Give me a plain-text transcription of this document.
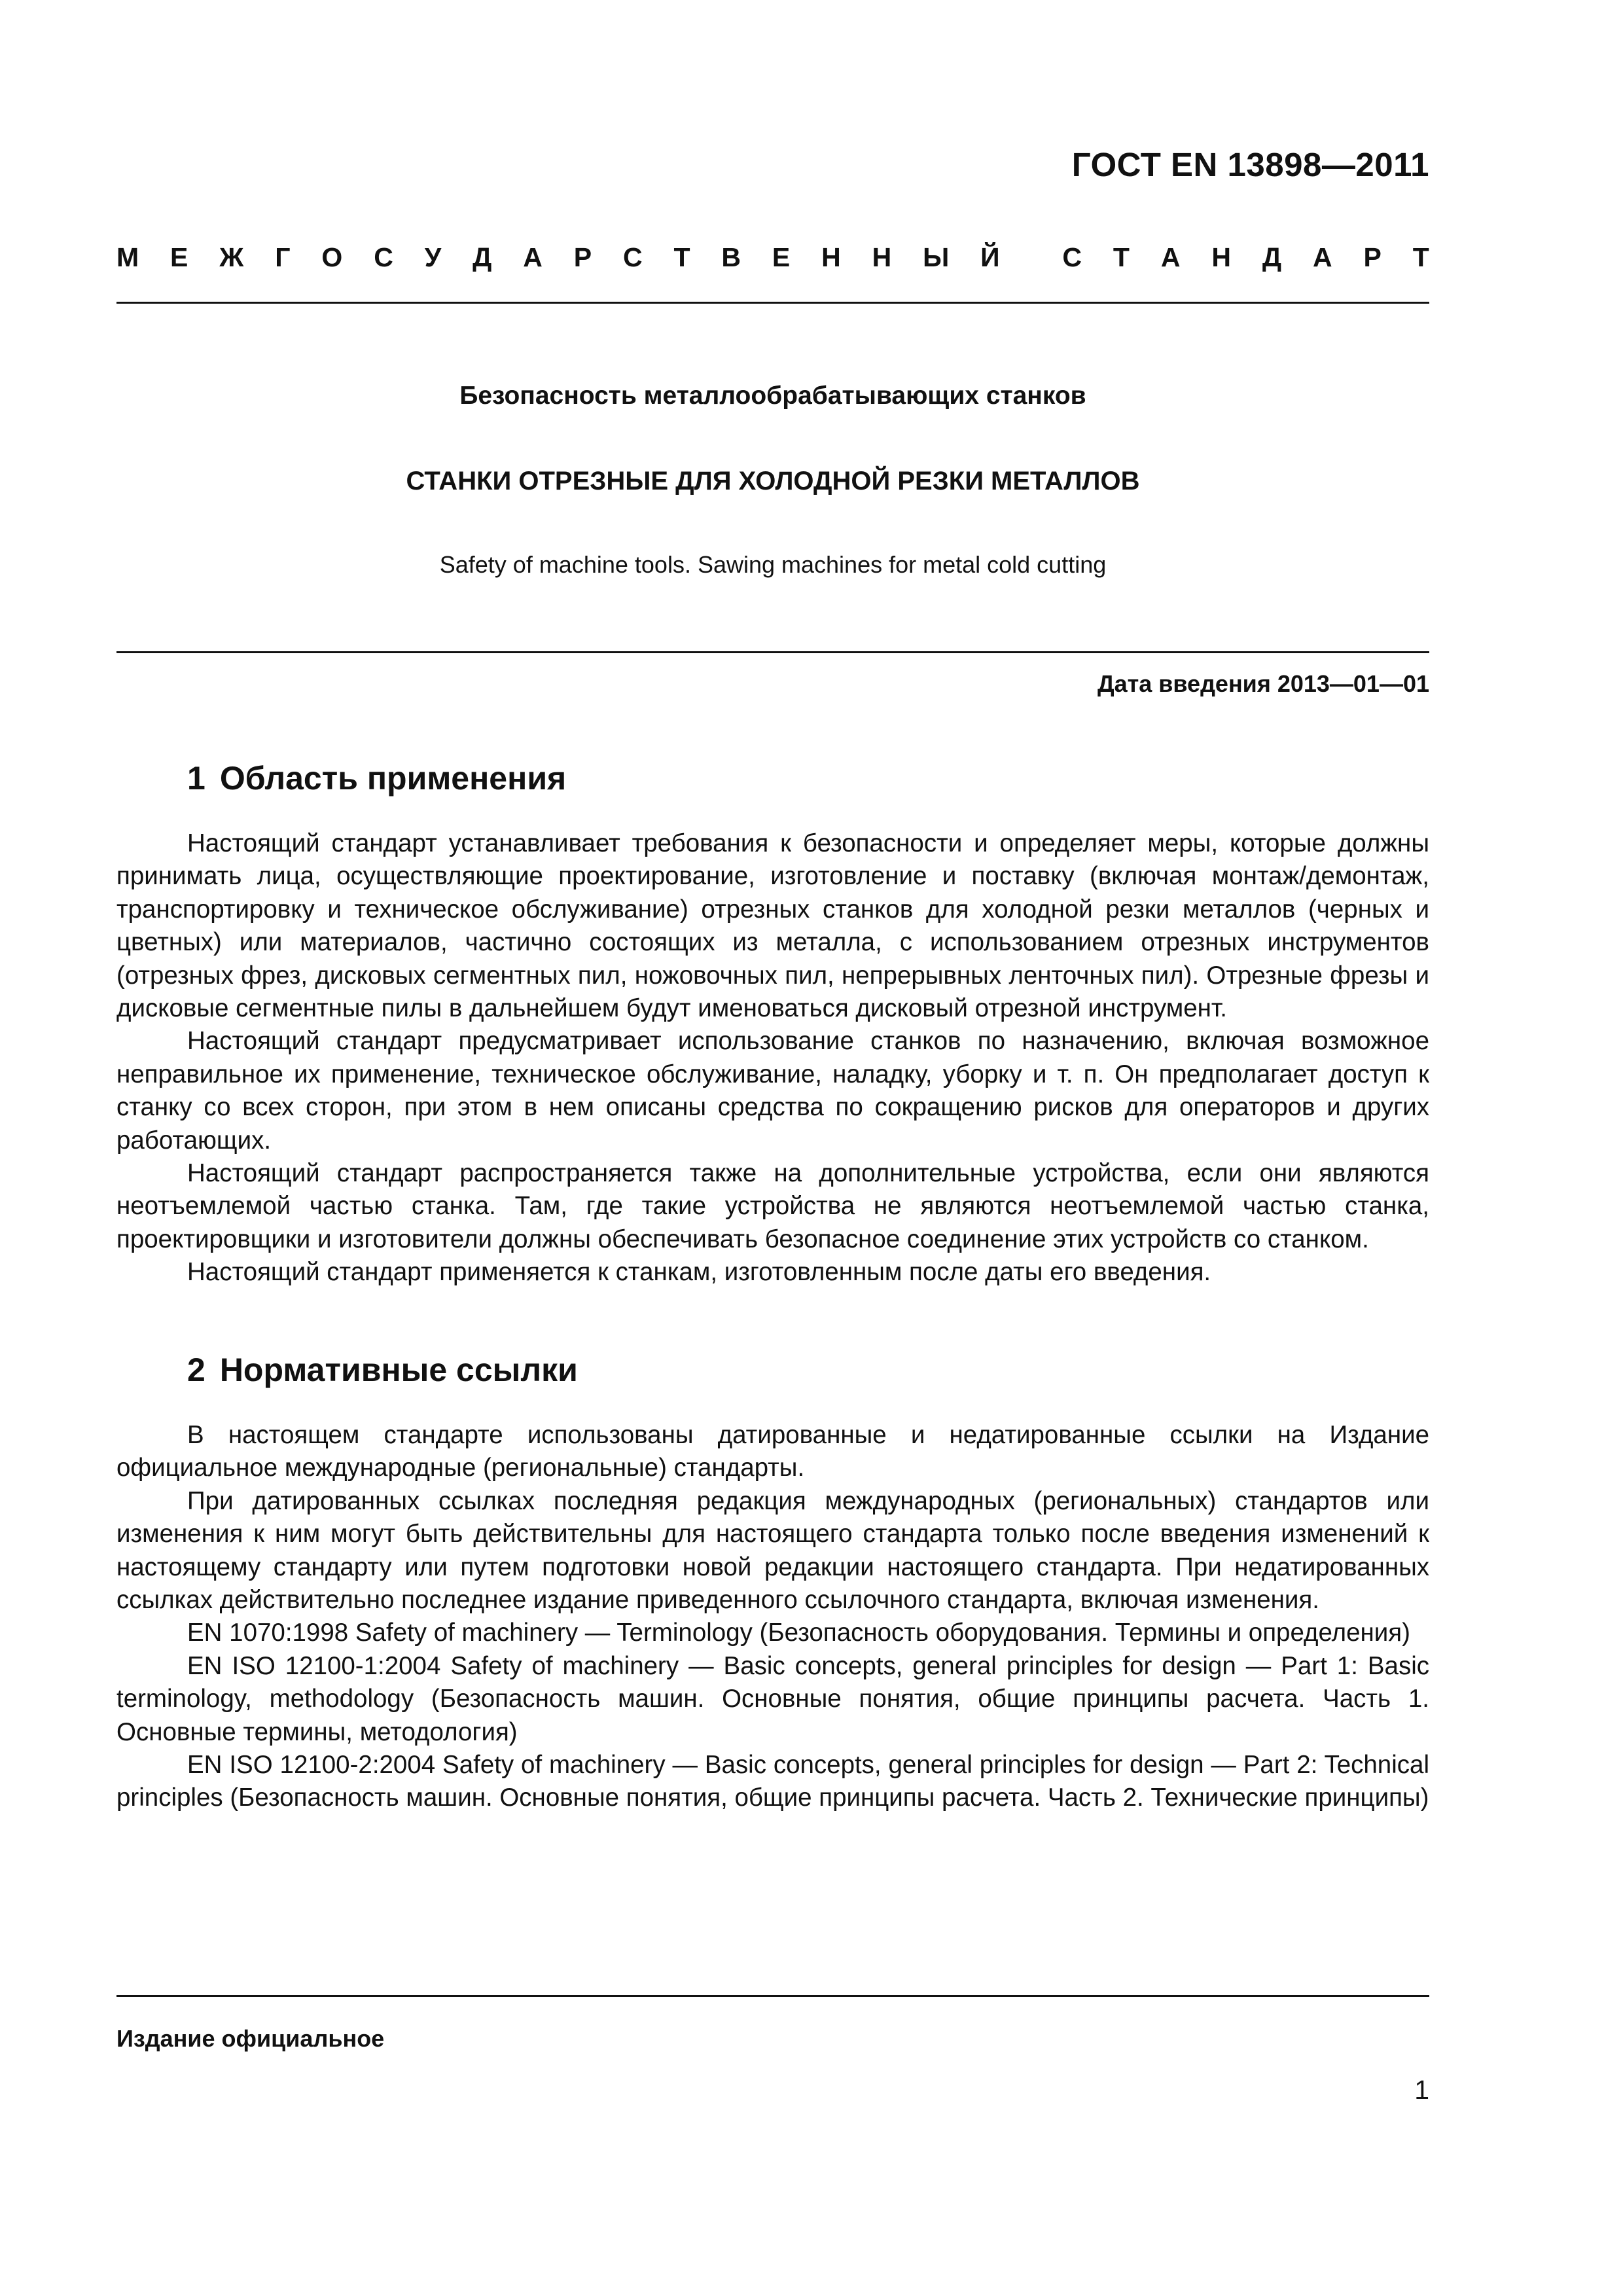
ГОСТ EN 13898—2011
М Е Ж Г О С У Д А Р С Т В Е Н Н Ы Й С Т А Н Д А Р Т
Безопасность металлообрабатывающих станков
СТАНКИ ОТРЕЗНЫЕ ДЛЯ ХОЛОДНОЙ РЕЗКИ МЕТАЛЛОВ
Safety of machine tools. Sawing machines for metal cold cutting
Дата введения 2013—01—01
1 Область применения

Настоящий стандарт устанавливает требования к безопасности и определяет меры, которые должны принимать лица, осуществляющие проектирование, изготовление и поставку (включая монтаж/демонтаж, транспортировку и техническое обслуживание) отрезных станков для холодной резки металлов (черных и цветных) или материалов, частично состоящих из металла, с использованием отрезных инструментов (отрезных фрез, дисковых сегментных пил, ножовочных пил, непрерывных ленточных пил). Отрезные фрезы и дисковые сегментные пилы в дальнейшем будут именоваться дисковый отрезной инструмент.

Настоящий стандарт предусматривает использование станков по назначению, включая возможное неправильное их применение, техническое обслуживание, наладку, уборку и т. п. Он предполагает доступ к станку со всех сторон, при этом в нем описаны средства по сокращению рисков для операторов и других работающих.

Настоящий стандарт распространяется также на дополнительные устройства, если они являются неотъемлемой частью станка. Там, где такие устройства не являются неотъемлемой частью станка, проектировщики и изготовители должны обеспечивать безопасное соединение этих устройств со станком.

Настоящий стандарт применяется к станкам, изготовленным после даты его введения.

2 Нормативные ссылки

В настоящем стандарте использованы датированные и недатированные ссылки на Издание официальное международные (региональные) стандарты.

При датированных ссылках последняя редакция международных (региональных) стандартов или изменения к ним могут быть действительны для настоящего стандарта только после введения изменений к настоящему стандарту или путем подготовки новой редакции настоящего стандарта. При недатированных ссылках действительно последнее издание приведенного ссылочного стандарта, включая изменения.

EN 1070:1998 Safety of machinery — Terminology (Безопасность оборудования. Термины и определения)

EN ISO 12100-1:2004 Safety of machinery — Basic concepts, general principles for design — Part 1: Basic terminology, methodology (Безопасность машин. Основные понятия, общие принципы расчета. Часть 1. Основные термины, методология)

EN ISO 12100-2:2004 Safety of machinery — Basic concepts, general principles for design — Part 2: Technical principles (Безопасность машин. Основные понятия, общие принципы расчета. Часть 2. Технические принципы)

Издание официальное
1
